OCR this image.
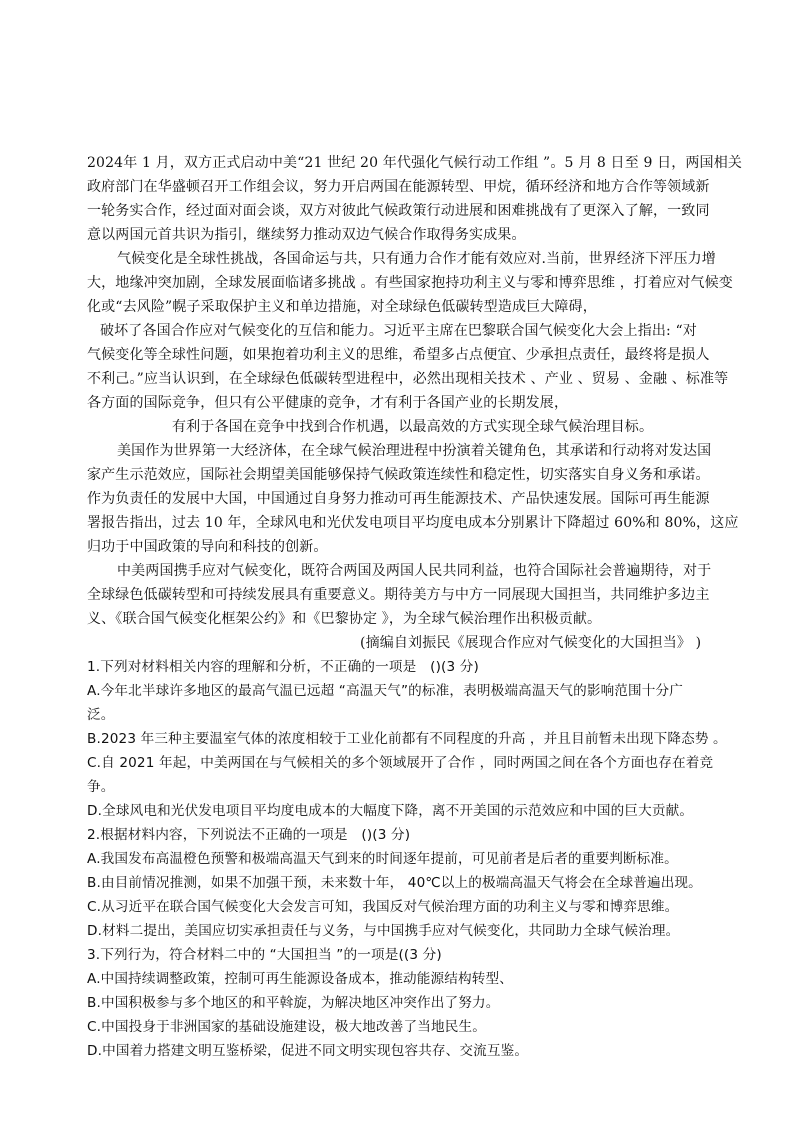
2024年 1 月，双方正式启动中美“21 世纪 20 年代强化气候行动工作组 ”。5 月 8 日至 9 日，两国相关
政府部门在华盛顿召开工作组会议，努力开启两国在能源转型、甲烷，循环经济和地方合作等领域新
一轮务实合作，经过面对面会谈，双方对彼此气候政策行动进展和困难挑战有了更深入了解，一致同
意以两国元首共识为指引，继续努力推动双边气候合作取得务实成果。
气候变化是全球性挑战，各国命运与共，只有通力合作才能有效应对.当前，世界经济下泙压力增
大，地缘冲突加剧，全球发展面临诸多挑战 。有些国家抱持功利主义与零和博弈思维 ，打着应对气候变
化或“去风险”幌子采取保护主义和单边措施，对全球绿色低碳转型造成巨大障碍，
破坏了各国合作应对气候变化的互信和能力。习近平主席在巴黎联合国气候变化大会上指出: “对
气候变化等全球性问题，如果抱着功利主义的思维，希望多占点便宜、少承担点责任，最终将是损人
不利己。”应当认识到，在全球绿色低碳转型进程中，必然出现相关技术 、产业 、贸易 、金融 、标准等
各方面的国际竞争，但只有公平健康的竞争，才有利于各国产业的长期发展，
有利于各国在竞争中找到合作机遇，以最高效的方式实现全球气候治理目标。
美国作为世界第一大经济体，在全球气候治理进程中扮演着关键角色，其承诺和行动将对发达国
家产生示范效应，国际社会期望美国能够保持气候政策连续性和稳定性，切实落实自身义务和承诺。
作为负责任的发展中大国，中国通过自身努力推动可再生能源技术、产品快速发展。国际可再生能源
署报告指出，过去 10 年，全球风电和光伏发电项目平均度电成本分别累计下降超过 60%和 80%，这应
归功于中国政策的导向和科技的创新。
中美两国携手应对气候变化，既符合两国及两国人民共同利益，也符合国际社会普遍期待，对于
全球绿色低碳转型和可持续发展具有重要意义。期待美方与中方一同展现大国担当，共同维护多边主
义、《联合国气候变化框架公约》和《巴黎协定 》，为全球气候治理作出积极贡献。
(摘编自刘振民《展现合作应对气候变化的大国担当》 )
1.下列对材料相关内容的理解和分析，不正确的一项是　()(3 分)
A.今年北半球许多地区的最高气温已远超 “高温天气”的标准，表明极端高温天气的影响范围十分广
泛。
B.2023 年三种主要温室气体的浓度相较于工业化前都有不同程度的升高 ，并且目前暂未出现下降态势 。
C.自 2021 年起，中美两国在与气候相关的多个领域展开了合作 ，同时两国之间在各个方面也存在着竞
争。
D.全球风电和光伏发电项目平均度电成本的大幅度下降，离不开美国的示范效应和中国的巨大贡献。
2.根据材料内容，下列说法不正确的一项是　()(3 分)
A.我国发布高温橙色预警和极端高温天气到来的时间逐年提前，可见前者是后者的重要判断标准。
B.由目前情况推测，如果不加强干预，未来数十年， 40℃以上的极端高温天气将会在全球普遍出现。
C.从习近平在联合国气候变化大会发言可知，我国反对气候治理方面的功利主义与零和博弈思维。
D.材料二提出，美国应切实承担责任与义务，与中国携手应对气候变化，共同助力全球气候治理。
3.下列行为，符合材料二中的 “大国担当 ”的一项是((3 分)
A.中国持续调整政策，控制可再生能源设备成本，推动能源结构转型、
B.中国积极参与多个地区的和平斡旋，为解决地区冲突作出了努力。
C.中国投身于非洲国家的基础设施建设，极大地改善了当地民生。
D.中国着力搭建文明互鉴桥梁，促进不同文明实现包容共存、交流互鉴。
